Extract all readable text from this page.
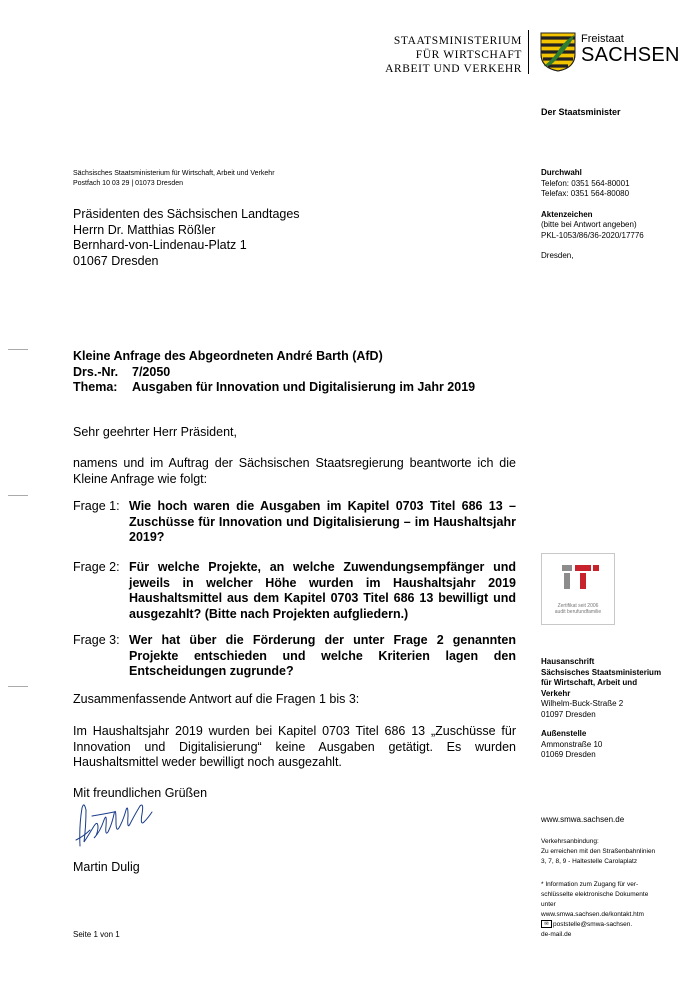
STAATSMINISTERIUM
FÜR WIRTSCHAFT
ARBEIT UND VERKEHR
Freistaat
SACHSEN
Der Staatsminister
Sächsisches Staatsministerium für Wirtschaft, Arbeit und Verkehr
Postfach 10 03 29 | 01073 Dresden
Präsidenten des Sächsischen Landtages
Herrn Dr. Matthias Rößler
Bernhard-von-Lindenau-Platz 1
01067 Dresden
Durchwahl
Telefon: 0351 564-80001
Telefax: 0351 564-80080
Aktenzeichen
(bitte bei Antwort angeben)
PKL-1053/86/36-2020/17776
Dresden,
Kleine Anfrage des Abgeordneten André Barth (AfD)
Drs.-Nr. 7/2050
Thema: Ausgaben für Innovation und Digitalisierung im Jahr 2019
Sehr geehrter Herr Präsident,
namens und im Auftrag der Sächsischen Staatsregierung beantworte ich die Kleine Anfrage wie folgt:
Frage 1: Wie hoch waren die Ausgaben im Kapitel 0703 Titel 686 13 – Zuschüsse für Innovation und Digitalisierung – im Haushaltsjahr 2019?
Frage 2: Für welche Projekte, an welche Zuwendungsempfänger und jeweils in welcher Höhe wurden im Haushaltsjahr 2019 Haushaltsmittel aus dem Kapitel 0703 Titel 686 13 bewilligt und ausgezahlt? (Bitte nach Projekten aufgliedern.)
Frage 3: Wer hat über die Förderung der unter Frage 2 genannten Projekte entschieden und welche Kriterien lagen den Entscheidungen zugrunde?
Zusammenfassende Antwort auf die Fragen 1 bis 3:
Im Haushaltsjahr 2019 wurden bei Kapitel 0703 Titel 686 13 „Zuschüsse für Innovation und Digitalisierung“ keine Ausgaben getätigt. Es wurden Haushaltsmittel weder bewilligt noch ausgezahlt.
Mit freundlichen Grüßen
Martin Dulig
Seite 1 von 1
Zertifikat seit 2006
audit berufundfamilie
Hausanschrift
Sächsisches Staatsministerium
für Wirtschaft, Arbeit und
Verkehr
Wilhelm-Buck-Straße 2
01097 Dresden
Außenstelle
Ammonstraße 10
01069 Dresden
www.smwa.sachsen.de
Verkehrsanbindung:
Zu erreichen mit den Straßenbahnlinien
3, 7, 8, 9 - Haltestelle Carolaplatz
* Information zum Zugang für ver-
schlüsselte elektronische Dokumente
unter
www.smwa.sachsen.de/kontakt.htm
✉ poststelle@smwa-sachsen.
de-mail.de
